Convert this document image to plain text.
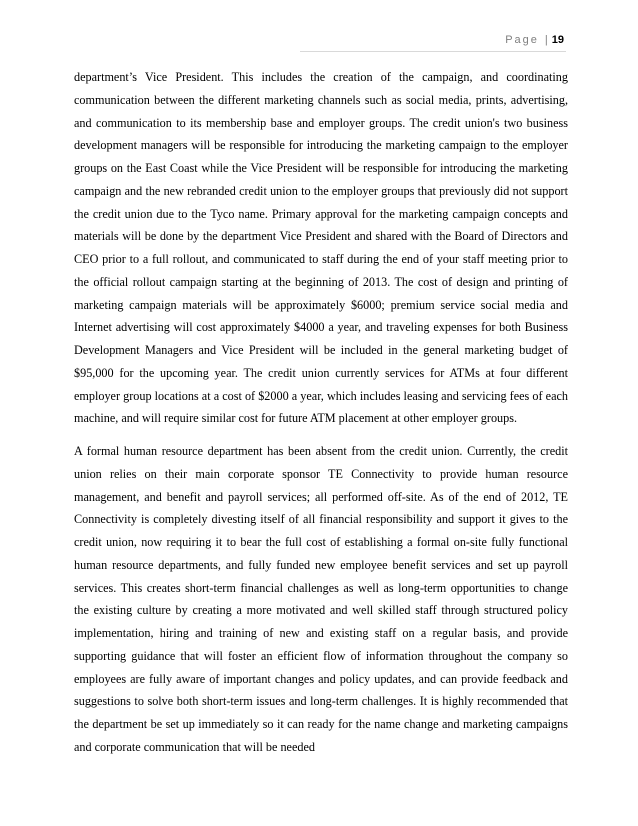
Page | 19

department’s Vice President. This includes the creation of the campaign, and coordinating communication between the different marketing channels such as social media, prints, advertising, and communication to its membership base and employer groups. The credit union's two business development managers will be responsible for introducing the marketing campaign to the employer groups on the East Coast while the Vice President will be responsible for introducing the marketing campaign and the new rebranded credit union to the employer groups that previously did not support the credit union due to the Tyco name. Primary approval for the marketing campaign concepts and materials will be done by the department Vice President and shared with the Board of Directors and CEO prior to a full rollout, and communicated to staff during the end of your staff meeting prior to the official rollout campaign starting at the beginning of 2013. The cost of design and printing of marketing campaign materials will be approximately $6000; premium service social media and Internet advertising will cost approximately $4000 a year, and traveling expenses for both Business Development Managers and Vice President will be included in the general marketing budget of $95,000 for the upcoming year. The credit union currently services for ATMs at four different employer group locations at a cost of $2000 a year, which includes leasing and servicing fees of each machine, and will require similar cost for future ATM placement at other employer groups.

A formal human resource department has been absent from the credit union. Currently, the credit union relies on their main corporate sponsor TE Connectivity to provide human resource management, and benefit and payroll services; all performed off-site. As of the end of 2012, TE Connectivity is completely divesting itself of all financial responsibility and support it gives to the credit union, now requiring it to bear the full cost of establishing a formal on-site fully functional human resource departments, and fully funded new employee benefit services and set up payroll services. This creates short-term financial challenges as well as long-term opportunities to change the existing culture by creating a more motivated and well skilled staff through structured policy implementation, hiring and training of new and existing staff on a regular basis, and provide supporting guidance that will foster an efficient flow of information throughout the company so employees are fully aware of important changes and policy updates, and can provide feedback and suggestions to solve both short-term issues and long-term challenges. It is highly recommended that the department be set up immediately so it can ready for the name change and marketing campaigns and corporate communication that will be needed
